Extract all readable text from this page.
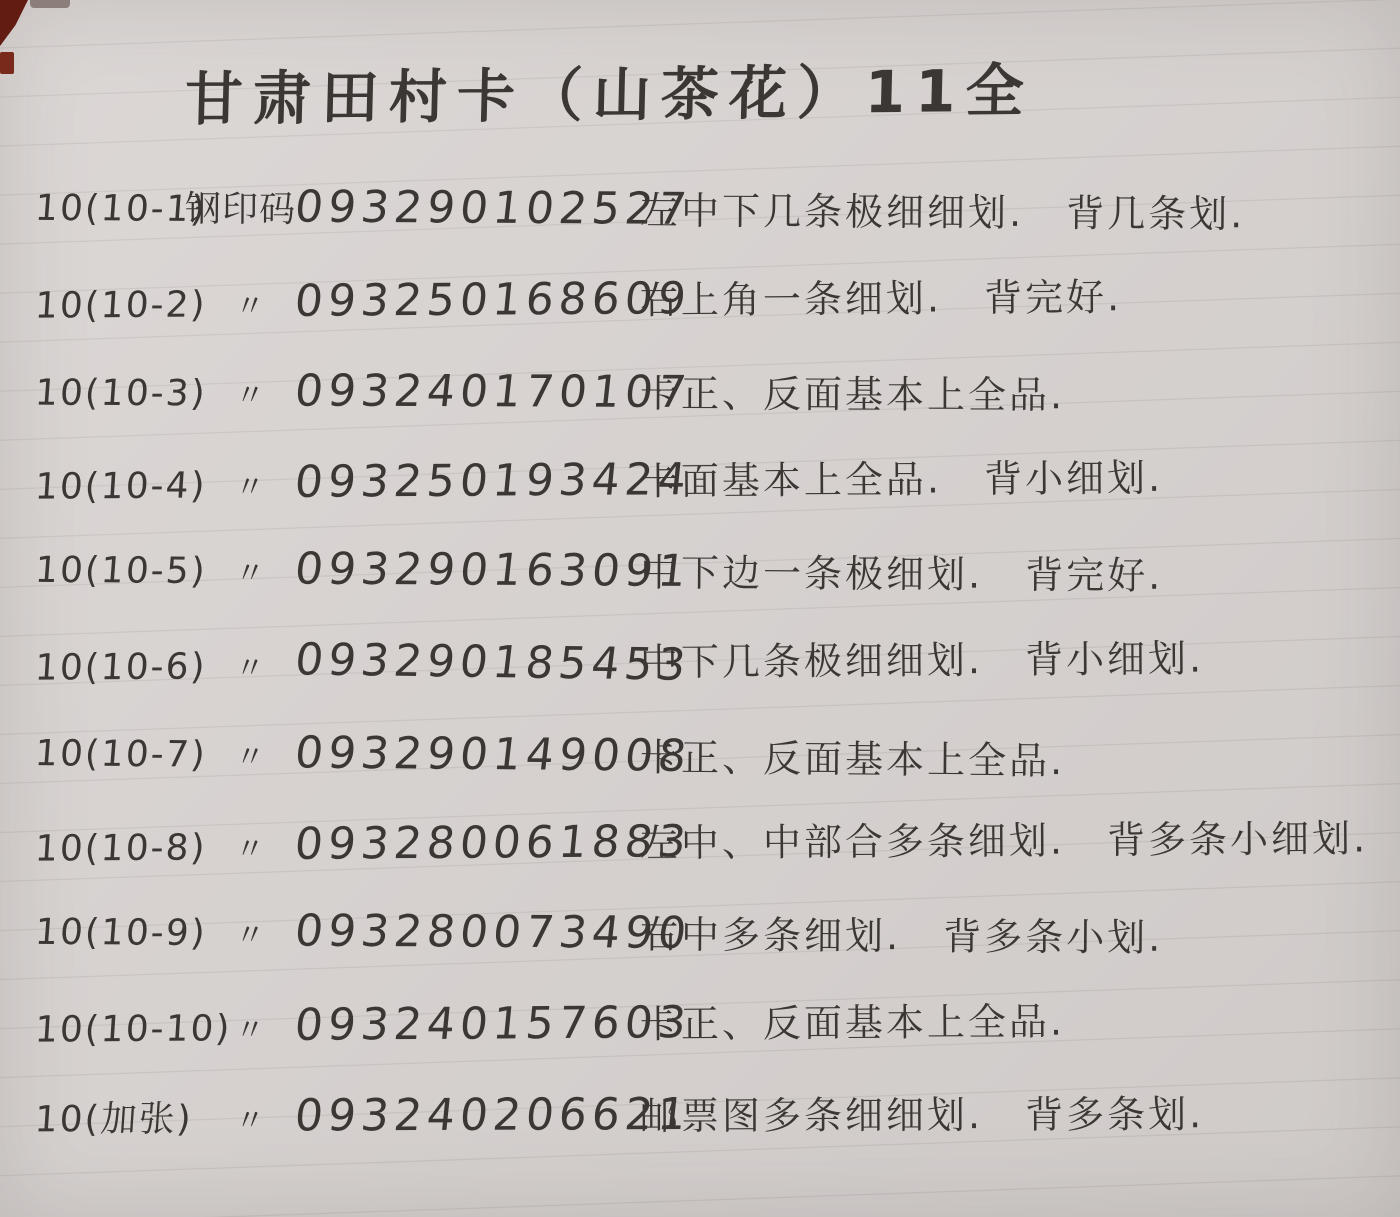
甘肃田村卡（山茶花）11全
10(10-1)
钢印码
093290102527
左中下几条极细细划. 背几条划.
10(10-2) 〃 093250168609
右上角一条细划. 背完好.
10(10-3) 〃 093240170107
卡正、反面基本上全品.
10(10-4) 〃 093250193424
卡面基本上全品. 背小细划.
10(10-5) 〃 093290163091
中下边一条极细划. 背完好.
10(10-6) 〃 093290185453
中下几条极细细划. 背小细划.
10(10-7) 〃 093290149008
卡正、反面基本上全品.
10(10-8) 〃 093280061883
左中、中部合多条细划. 背多条小细划.
10(10-9) 〃 093280073490
右中多条细划. 背多条小划.
10(10-10) 〃 093240157603
卡正、反面基本上全品.
10(加张)	〃 093240206621
邮票图多条细细划. 背多条划.
